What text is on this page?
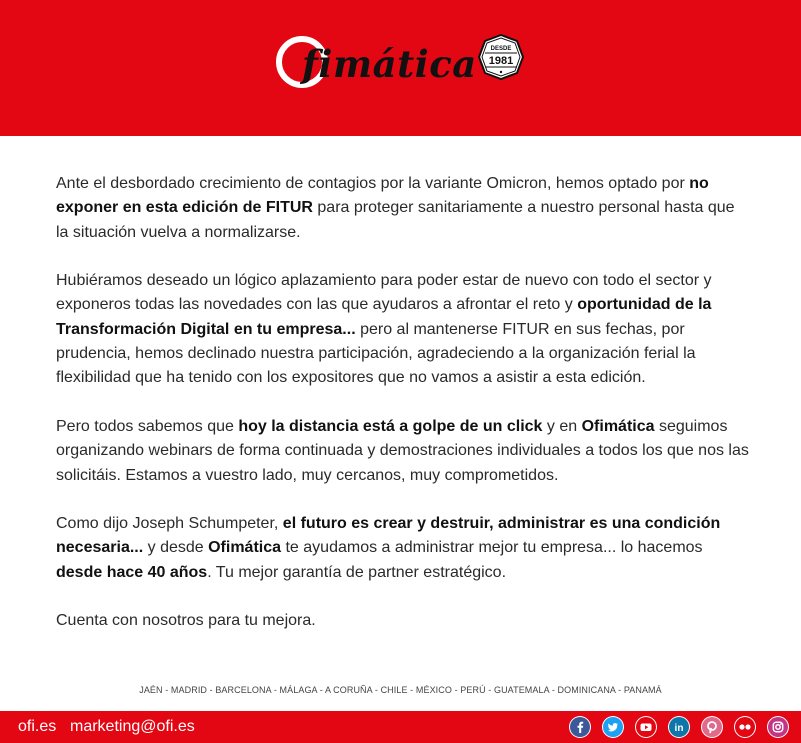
fimática DESDE
1981

Ante el desbordado crecimiento de contagios por la variante Omicron, hemos optado por no exponer en esta edición de FITUR para proteger sanitariamente a nuestro personal hasta que la situación vuelva a normalizarse.

Hubiéramos deseado un lógico aplazamiento para poder estar de nuevo con todo el sector y exponeros todas las novedades con las que ayudaros a afrontar el reto y oportunidad de la Transformación Digital en tu empresa... pero al mantenerse FITUR en sus fechas, por prudencia, hemos declinado nuestra participación, agradeciendo a la organización ferial la flexibilidad que ha tenido con los expositores que no vamos a asistir a esta edición.

Pero todos sabemos que hoy la distancia está a golpe de un click y en Ofimática seguimos organizando webinars de forma continuada y demostraciones individuales a todos los que nos las solicitáis. Estamos a vuestro lado, muy cercanos, muy comprometidos.

Como dijo Joseph Schumpeter, el futuro es crear y destruir, administrar es una condición necesaria... y desde Ofimática te ayudamos a administrar mejor tu empresa... lo hacemos desde hace 40 años. Tu mejor garantía de partner estratégico.

Cuenta con nosotros para tu mejora.

JAÉN - MADRID - BARCELONA - MÁLAGA - A CORUÑA - CHILE - MÉXICO - PERÚ - GUATEMALA - DOMINICANA - PANAMÁ
ofi.es marketing@ofi.es	in
